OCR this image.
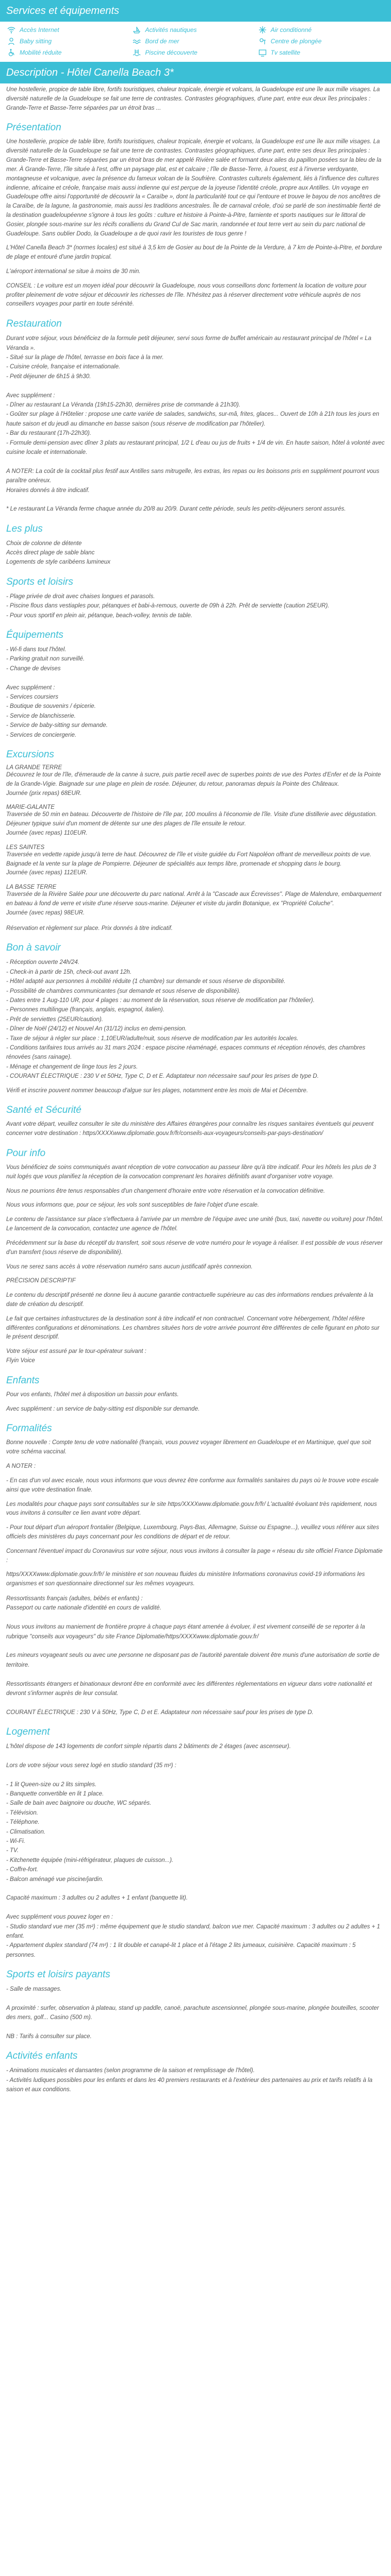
Services et équipements
Accès Internet	Activités nautiques	Air conditionné
Baby sitting	Bord de mer	Centre de plongée
Mobilité réduite	Piscine découverte	Tv satellite
Description - Hôtel Canella Beach 3*

Une hostellerie, propice de table libre, fortifs touristiques, chaleur tropicale, énergie et volcans, la Guadeloupe est une île aux mille visages. La diversité naturelle de la Guadeloupe se fait une terre de contrastes. Contrastes géographiques, d'une part, entre eux deux îles principales : Grande-Terre et Basse-Terre séparées par un étroit bras ...

Présentation

Une hostellerie, propice de table libre, fortifs touristiques, chaleur tropicale, énergie et volcans, la Guadeloupe est une île aux mille visages. La diversité naturelle de la Guadeloupe se fait une terre de contrastes. Contrastes géographiques, d'une part, entre ses deux îles principales : Grande-Terre et Basse-Terre séparées par un étroit bras de mer appelé Rivière salée et formant deux ailes du papillon posées sur la bleu de la mer. À Grande-Terre, l'île située à l'est, offre un paysage plat, est et calcaire ; l'île de Basse-Terre, à l'ouest, est à l'inverse verdoyante, montagneuse et volcanique, avec la présence du fameux volcan de la Soufrière. Contrastes culturels également, liés à l'influence des cultures indienne, africaine et créole, française mais aussi indienne qui est perçue de la joyeuse l'identité créole, propre aux Antilles. Un voyage en Guadeloupe offre ainsi l'opportunité de découvrir la « Caraïbe », dont la particularité tout ce qui l'entoure et trouve le bayou de nos ancêtres de la Caraïbe, de la lagune, la gastronomie, mais aussi les traditions ancestrales. Île de carnaval créole, d'où se parlé de son inestimable fierté de la destination guadeloupéenne s'ignore à tous les goûts : culture et histoire à Pointe-à-Pitre, farniente et sports nautiques sur le littoral de Gosier, plongée sous-marine sur les récifs coralliens du Grand Cul de Sac marin, randonnée et tout terre vert au sein du parc national de Guadeloupe. Sans oublier Dodo, la Guadeloupe a de quoi ravir les touristes de tous genre !

L'Hôtel Canella Beach 3* (normes locales) est situé à 3,5 km de Gosier au bout de la Pointe de la Verdure, à 7 km de Pointe-à-Pitre, et bordure de plage et entouré d'une jardin tropical.

L'aéroport international se situe à moins de 30 min.

CONSEIL : Le voiture est un moyen idéal pour découvrir la Guadeloupe, nous vous conseillons donc fortement la location de voiture pour profiter pleinement de votre séjour et découvrir les richesses de l'île. N'hésitez pas à réserver directement votre véhicule auprès de nos conseillers voyages pour partir en toute sérénité.

Restauration
Durant votre séjour, vous bénéficiez de la formule petit déjeuner, servi sous forme de buffet américain au restaurant principal de l'hôtel « La Véranda ».
- Situé sur la plage de l'hôtel, terrasse en bois face à la mer.
- Cuisine créole, française et internationale.
- Petit déjeuner de 6h15 à 9h30.

Avec supplément :
- Dîner au restaurant La Véranda (19h15-22h30, dernières prise de commande à 21h30).
- Goûter sur plage à l'Hôtelier : propose une carte variée de salades, sandwichs, sur-mâ, frites, glaces... Ouvert de 10h à 21h tous les jours en haute saison et du jeudi au dimanche en basse saison (sous réserve de modification par l'hôtelier).
- Bar du restaurant (17h-22h30).
- Formule demi-pension avec dîner 3 plats au restaurant principal, 1/2 L d'eau ou jus de fruits + 1/4 de vin. En haute saison, hôtel à volonté avec cuisine locale et internationale.

A NOTER: La coût de la cocktail plus festif aux Antilles sans mitrugelle, les extras, les repas ou les boissons pris en supplément pourront vous paraître onéreux.
Horaires donnés à titre indicatif.

* Le restaurant La Véranda ferme chaque année du 20/8 au 20/9. Durant cette période, seuls les petits-déjeuners seront assurés.
Les plus
Choix de colonne de détente
Accès direct plage de sable blanc
Logements de style caribéens lumineux
Sports et loisirs
- Plage privée de droit avec chaises longues et parasols.
- Piscine flous dans vestiaples pour, pétanques et babi-à-remous, ouverte de 09h à 22h. Prêt de serviette (caution 25EUR).
- Pour vous sportif en plein air, pétanque, beach-volley, tennis de table.
Équipements
- Wi-fi dans tout l'hôtel.
- Parking gratuit non surveillé.
- Change de devises

Avec supplément :
- Services coursiers
- Boutique de souvenirs / épicerie.
- Service de blanchisserie.
- Service de baby-sitting sur demande.
- Services de conciergerie.
Excursions
LA GRANDE TERRE
Découvrez le tour de l'île, d'émeraude de la canne à sucre, puis partie recell avec de superbes points de vue des Portes d'Enfer et de la Pointe de la Grande-Vigie. Baignade sur une plage en plein de rosée. Déjeuner, du retour, panoramas depuis la Pointe des Châteaux.
Journée (prix repas) 68EUR.
MARIE-GALANTE
Traversée de 50 min en bateau. Découverte de l'histoire de l'île par, 100 moulins à l'économie de l'île. Visite d'une distillerie avec dégustation. Déjeuner typique suivi d'un moment de détente sur une des plages de l'île ensuite le retour.
Journée (avec repas) 110EUR.
LES SAINTES
Traversée en vedette rapide jusqu'à terre de haut. Découvrez de l'île et visite guidée du Fort Napoléon offrant de merveilleux points de vue. Baignade et la vente sur la plage de Pompierre. Déjeuner de spécialités aux temps libre, promenade et shopping dans le bourg.
Journée (avec repas) 112EUR.
LA BASSE TERRE
Traversée de la Rivière Salée pour une découverte du parc national. Arrêt à la "Cascade aux Écrevisses". Plage de Malendure, embarquement en bateau à fond de verre et visite d'une réserve sous-marine. Déjeuner et visite du jardin Botanique, ex "Propriété Coluche".
Journée (avec repas) 98EUR.

Réservation et règlement sur place. Prix donnés à titre indicatif.

Bon à savoir
- Réception ouverte 24h/24.
- Check-in à partir de 15h, check-out avant 12h.
- Hôtel adapté aux personnes à mobilité réduite (1 chambre) sur demande et sous réserve de disponibilité.
- Possibilité de chambres communicantes (sur demande et sous réserve de disponibilité).
- Dates entre 1 Aug-110 UR, pour 4 plages : au moment de la réservation, sous réserve de modification par l'hôtelier).
- Personnes multilingue (français, anglais, espagnol, italien).
- Prêt de serviettes (25EUR/caution).
- Dîner de Noël (24/12) et Nouvel An (31/12) inclus en demi-pension.
- Taxe de séjour à régler sur place : 1,10EUR/adulte/nuit, sous réserve de modification par les autorités locales.
- Conditions tarifaires tous arrivés au 31 mars 2024 : espace piscine réaménagé, espaces communs et réception rénovés, des chambres rénovées (sans rainage).
- Ménage et changement de linge tous les 2 jours.
- COURANT ÉLECTRIQUE : 230 V et 50Hz, Type C, D et E. Adaptateur non nécessaire sauf pour les prises de type D.

Vérifi et inscrire pouvent nommer beaucoup d'algue sur les plages, notamment entre les mois de Mai et Décembre.

Santé et Sécurité

Avant votre départ, veuillez consulter le site du ministère des Affaires étrangères pour connaître les risques sanitaires éventuels qui peuvent concerner votre destination : https/XXXXwww.diplomatie.gouv.fr/fr/conseils-aux-voyageurs/conseils-par-pays-destination/

Pour info

Vous bénéficiez de soins communiqués avant réception de votre convocation au passeur libre qu'à titre indicatif. Pour les hôtels les plus de 3 nuit logés que vous planifiez la réception de la convocation comprenant les horaires définitifs avant d'organiser votre voyage.

Nous ne pourrions être tenus responsables d'un changement d'horaire entre votre réservation et la convocation définitive.

Nous vous informons que, pour ce séjour, les vols sont susceptibles de faire l'objet d'une escale.

Le contenu de l'assistance sur place s'effectuera à l'arrivée par un membre de l'équipe avec une unité (bus, taxi, navette ou voiture) pour l'hôtel. Le lancement de la convocation, contactez une agence de l'hôtel.

Précédemment sur la base du réceptif du transfert, soit sous réserve de votre numéro pour le voyage à réaliser. Il est possible de vous réserver d'un transfert (sous réserve de disponibilité).

Vous ne serez sans accès à votre réservation numéro sans aucun justificatif après connexion.

PRÉCISION DESCRIPTIF

Le contenu du descriptif présenté ne donne lieu à aucune garantie contractuelle supérieure au cas des informations rendues prévalente à la date de création du descriptif.

Le fait que certaines infrastructures de la destination sont à titre indicatif et non contractuel. Concernant votre hébergement, l'hôtel réfère différentes configurations et dénominations. Les chambres situées hors de votre arrivée pourront être différentes de celle figurant en photo sur le présent descriptif.

Votre séjour est assuré par le tour-opérateur suivant :
Flyin Voice

Enfants

Pour vos enfants, l'hôtel met à disposition un bassin pour enfants.

Avec supplément : un service de baby-sitting est disponible sur demande.

Formalités

Bonne nouvelle : Compte tenu de votre nationalité (français, vous pouvez voyager librement en Guadeloupe et en Martinique, quel que soit votre schéma vaccinal.

A NOTER :

- En cas d'un vol avec escale, nous vous informons que vous devrez être conforme aux formalités sanitaires du pays où le trouve votre escale ainsi que votre destination finale.

Les modalités pour chaque pays sont consultables sur le site https/XXXXwww.diplomatie.gouv.fr/fr/ L'actualité évoluant très rapidement, nous vous invitons à consulter ce lien avant votre départ.

- Pour tout départ d'un aéroport frontalier (Belgique, Luxembourg, Pays-Bas, Allemagne, Suisse ou Espagne...), veuillez vous référer aux sites officiels des ministères du pays concernant pour les conditions de départ et de retour.

Concernant l'éventuel impact du Coronavirus sur votre séjour, nous vous invitons à consulter la page « réseau du site officiel France Diplomatie :

https/XXXXwww.diplomatie.gouv.fr/fr/ le ministère et son nouveau fluides du ministère Informations coronavirus covid-19 informations les organismes et son questionnaire directionnel sur les mêmes voyageurs.

Ressortissants français (adultes, bébés et enfants) :
Passeport ou carte nationale d'identité en cours de validité.

Nous vous invitons au maniement de frontière propre à chaque pays étant amenée à évoluer, il est vivement conseillé de se reporter à la rubrique "conseils aux voyageurs" du site France Diplomatie/https/XXXXwww.diplomatie.gouv.fr/

Les mineurs voyageant seuls ou avec une personne ne disposant pas de l'autorité parentale doivent être munis d'une autorisation de sortie de territoire.

Ressortissants étrangers et binationaux devront être en conformité avec les différentes réglementations en vigueur dans votre nationalité et devront s'informer auprès de leur consulat.

COURANT ÉLECTRIQUE : 230 V à 50Hz, Type C, D et E. Adaptateur non nécessaire sauf pour les prises de type D.
Logement
L'hôtel dispose de 143 logements de confort simple répartis dans 2 bâtiments de 2 étages (avec ascenseur).

Lors de votre séjour vous serez logé en studio standard (35 m²) :

- 1 lit Queen-size ou 2 lits simples.
- Banquette convertible en lit 1 place.
- Salle de bain avec baignoire ou douche, WC séparés.
- Télévision.
- Téléphone.
- Climatisation.
- Wi-Fi.
- TV.
- Kitchenette équipée (mini-réfrigérateur, plaques de cuisson...).
- Coffre-fort.
- Balcon aménagé vue piscine/jardin.

Capacité maximum : 3 adultes ou 2 adultes + 1 enfant (banquette lit).

Avec supplément vous pouvez loger en :
- Studio standard vue mer (35 m²) : même équipement que le studio standard, balcon vue mer. Capacité maximum : 3 adultes ou 2 adultes + 1 enfant.
- Appartement duplex standard (74 m²) : 1 lit double et canapé-lit 1 place et à l'étage 2 lits jumeaux, cuisinière. Capacité maximum : 5 personnes.
Sports et loisirs payants
- Salle de massages.

A proximité : surfer, observation à plateau, stand up paddle, canoë, parachute ascensionnel, plongée sous-marine, plongée bouteilles, scooter des mers, golf... Casino (500 m).

NB : Tarifs à consulter sur place.
Activités enfants
- Animations musicales et dansantes (selon programme de la saison et remplissage de l'hôtel).
- Activités ludiques possibles pour les enfants et dans les 40 premiers restaurants et à l'extérieur des partenaires au prix et tarifs relatifs à la saison et aux conditions.
